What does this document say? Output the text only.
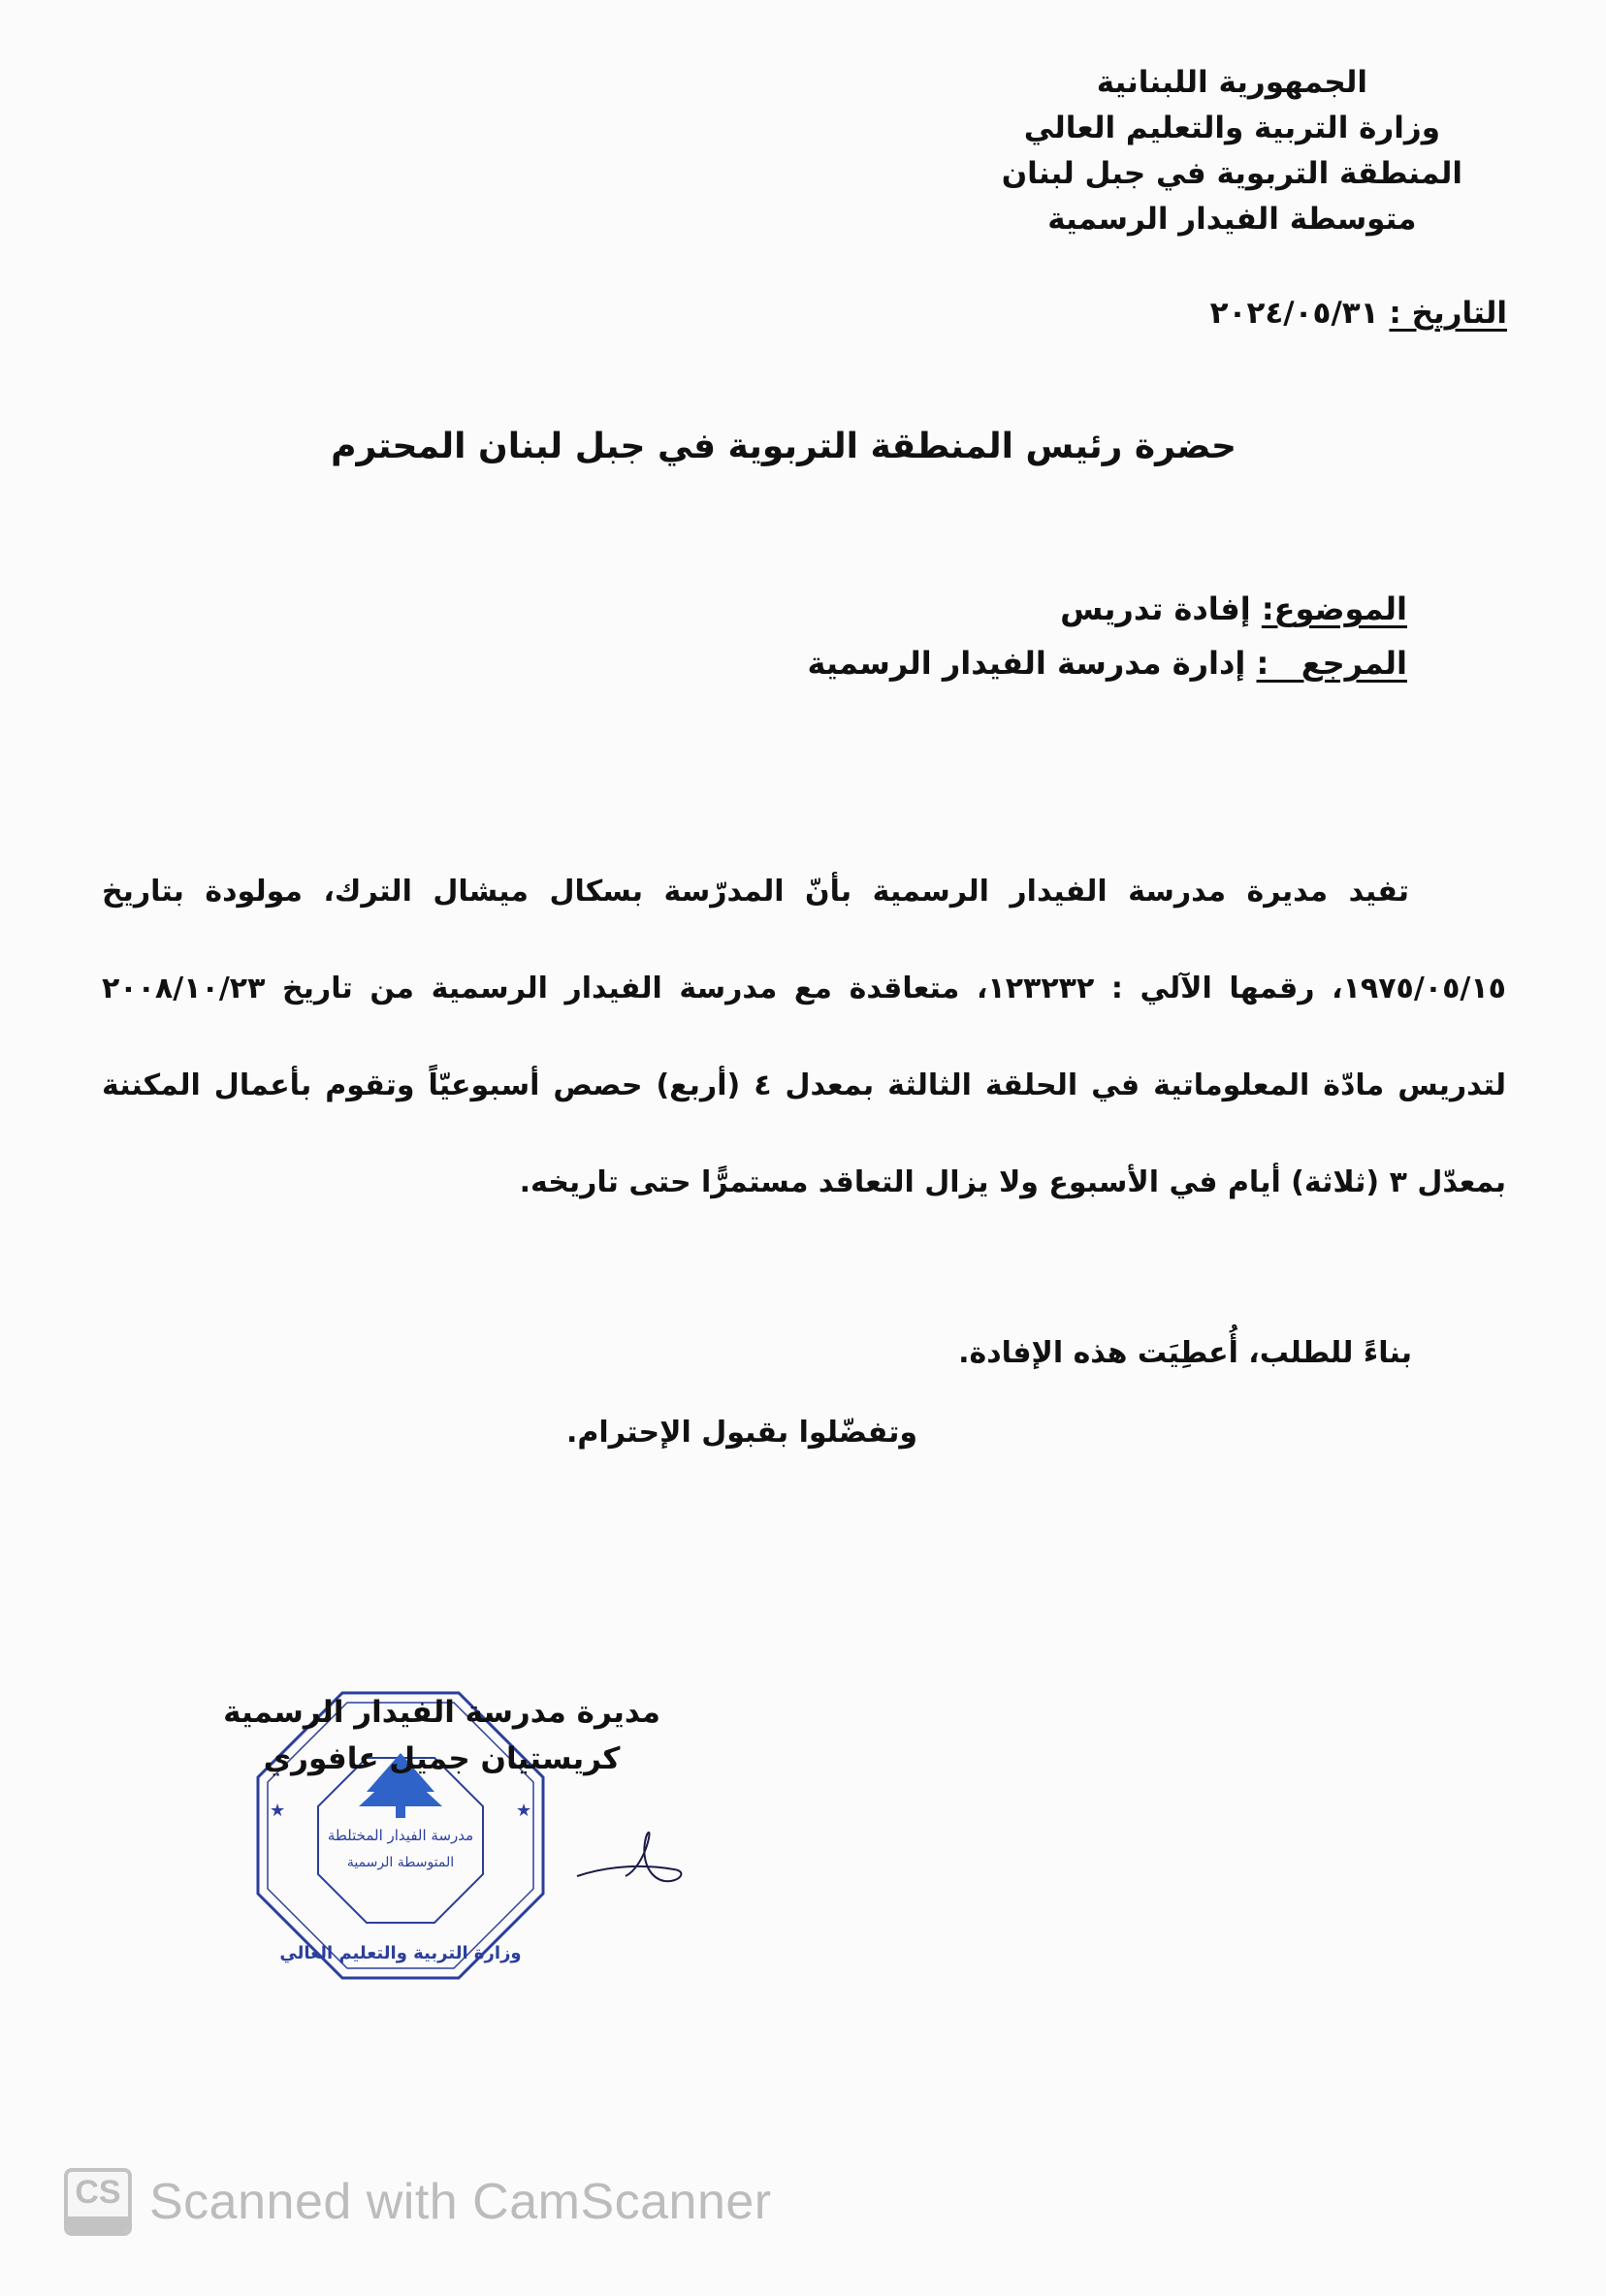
الجمهورية اللبنانية
وزارة التربية والتعليم العالي
المنطقة التربوية في جبل لبنان
متوسطة الفيدار الرسمية
التاريخ : ٢٠٢٤/٠٥/٣١
حضرة رئيس المنطقة التربوية في جبل لبنان المحترم
الموضوع: إفادة تدريس
المرجع   : إدارة مدرسة الفيدار الرسمية
تفيد مديرة مدرسة الفيدار الرسمية بأنّ المدرّسة بسكال ميشال الترك، مولودة بتاريخ ١٩٧٥/٠٥/١٥، رقمها الآلي : ١٢٣٢٣٢، متعاقدة مع مدرسة الفيدار الرسمية من تاريخ ٢٠٠٨/١٠/٢٣ لتدريس مادّة المعلوماتية في الحلقة الثالثة بمعدل ٤ (أربع) حصص أسبوعيّاً وتقوم بأعمال المكننة بمعدّل ٣ (ثلاثة) أيام في الأسبوع ولا يزال التعاقد مستمرًّا حتى تاريخه.
بناءً للطلب، أُعطِيَت هذه الإفادة.
وتفضّلوا بقبول الإحترام.
★	★
مدرسة الفيدار المختلطة
المتوسطة الرسمية
وزارة التربية والتعليم العالي
مديرة مدرسة الفيدار الرسمية
كريستيان جميل عافوري
CS Scanned with CamScanner
